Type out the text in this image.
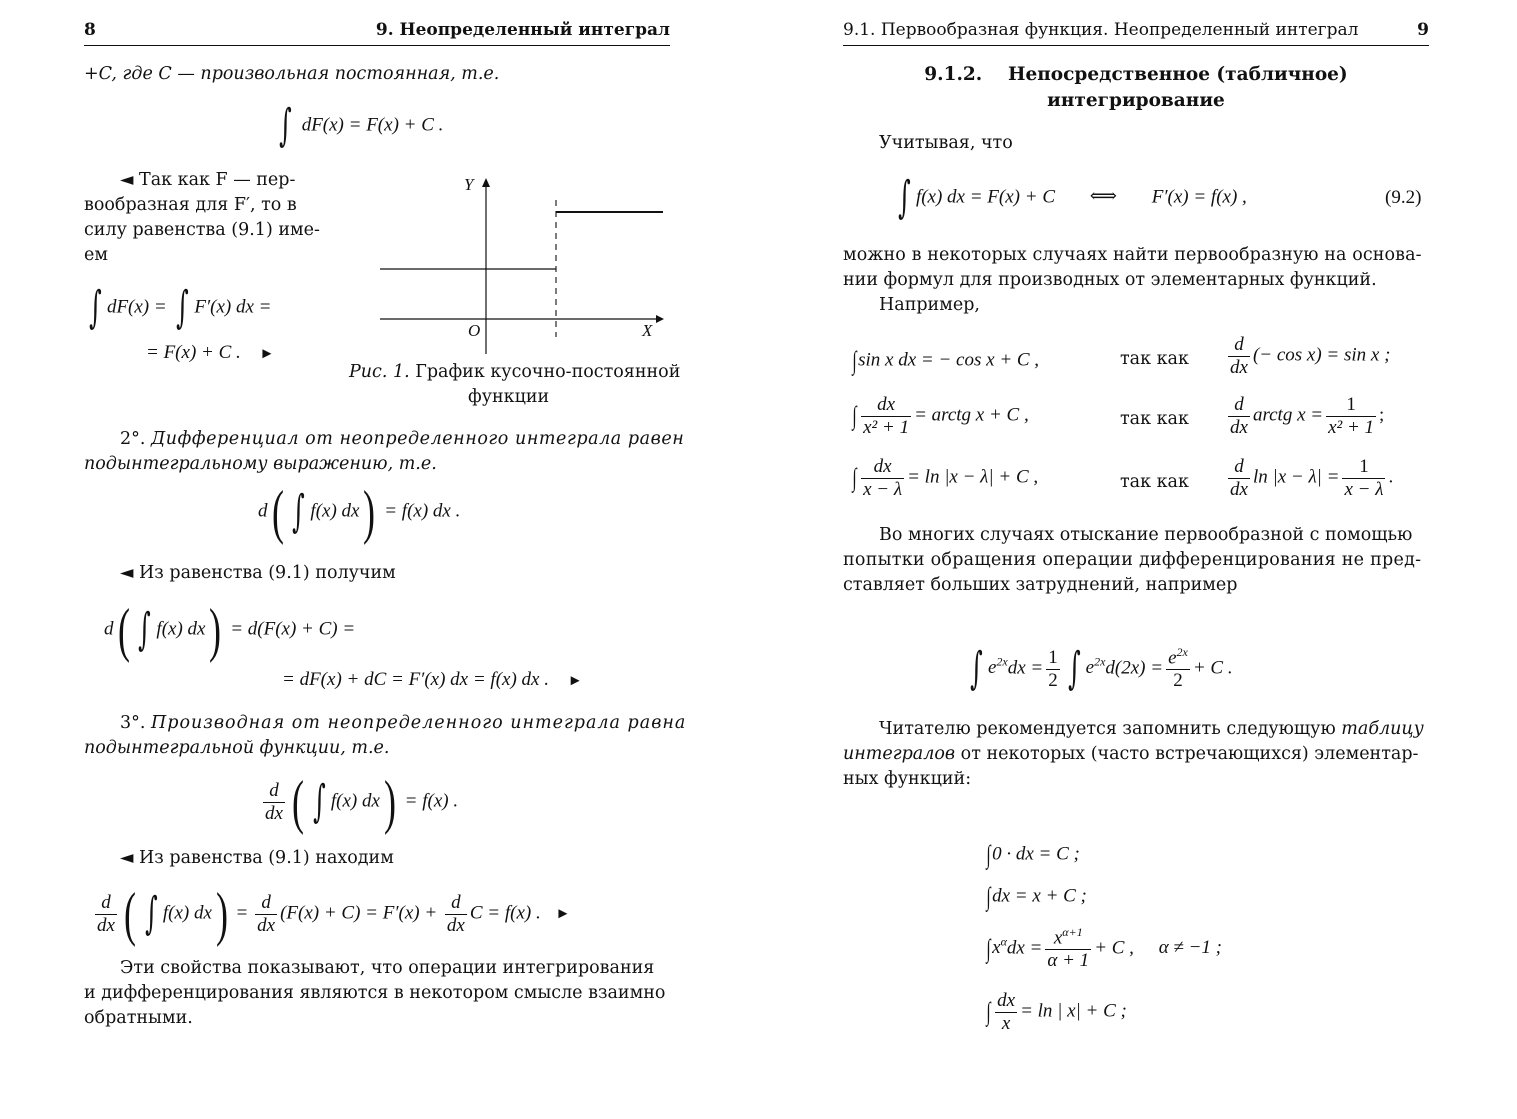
8	9. Неопределенный интеграл
+C, где C — произвольная постоянная, т.е.
∫ dF(x) = F(x) + C .
◄ Так как F — пер-
вообразная для F′, то в
силу равенства (9.1) име-
ем
∫ dF(x) = ∫ F′(x) dx =
= F(x) + C . ►
Y
O	X
Рис. 1. График кусочно-постоянной
функции
2°. Дифференциал от неопределенного интеграла равен
подынтегральному выражению, т.е.
d( ∫ f(x) dx) = f(x) dx .
◄ Из равенства (9.1) получим
d( ∫ f(x) dx) = d(F(x) + C) =
= dF(x) + dC = F′(x) dx = f(x) dx . ►
3°. Производная от неопределенного интеграла равна
подынтегральной функции, т.е.
$\frac{d}{dx}$ ( ∫ f(x) dx) = f(x) .
◄ Из равенства (9.1) находим
$\frac{d}{dx}$ ( ∫ f(x) $dx) = \frac{d}{dx} (F(x) + C) = F'(x) + \frac{d}{dx}$ C = f(x) . ►
Эти свойства показывают, что операции интегрирования
и дифференцирования являются в некотором смысле взаимно
обратными.
9.1. Первообразная функция. Неопределенный интеграл	9
9.1.2. Непосредственное (табличное)
интегрирование
Учитывая, что
∫ f(x) dx = F(x) + C ⟺ F′(x) = f(x) ,	(9.2)
можно в некоторых случаях найти первообразную на основа-
нии формул для производных от элементарных функций.
Например,
∫sin x dx = − cos x + C ,	так как $\frac{d}{dx}$ (− cos x) = sin x ;
∫ $\frac{dx}{\text{x² + 1}}$ = arctg x + C ,	так как $\frac{d}{dx}$ arctg $x = \frac{1}{\text{x² + 1}}$ ;
∫ $\frac{dx}{x - \lambda} = \ln |x - \lambda| + C$ ,	так как $\frac{d}{dx}$ $\ln |x - \lambda| = \frac{1}{x - \lambda}$ .
Во многих случаях отыскание первообразной с помощью
попытки обращения операции дифференцирования не пред-
ставляет больших затруднений, например
∫ $e^{2x}dx = \frac{1}{2}$ ∫ $e^{2x}d(2x) = \frac{e^{2x}}{2} + C$ .
Читателю рекомендуется запомнить следующую таблицу
интегралов от некоторых (часто встречающихся) элементар-
ных функций:
∫0 · dx = C ;
∫dx = x + C ;
$\int x^\alpha dx = \frac{x^{\alpha+1}}{\alpha + 1} + C$ , α ≠ −1 ;
∫ $\frac{dx}{x} = \ln$ | x| + C ;
